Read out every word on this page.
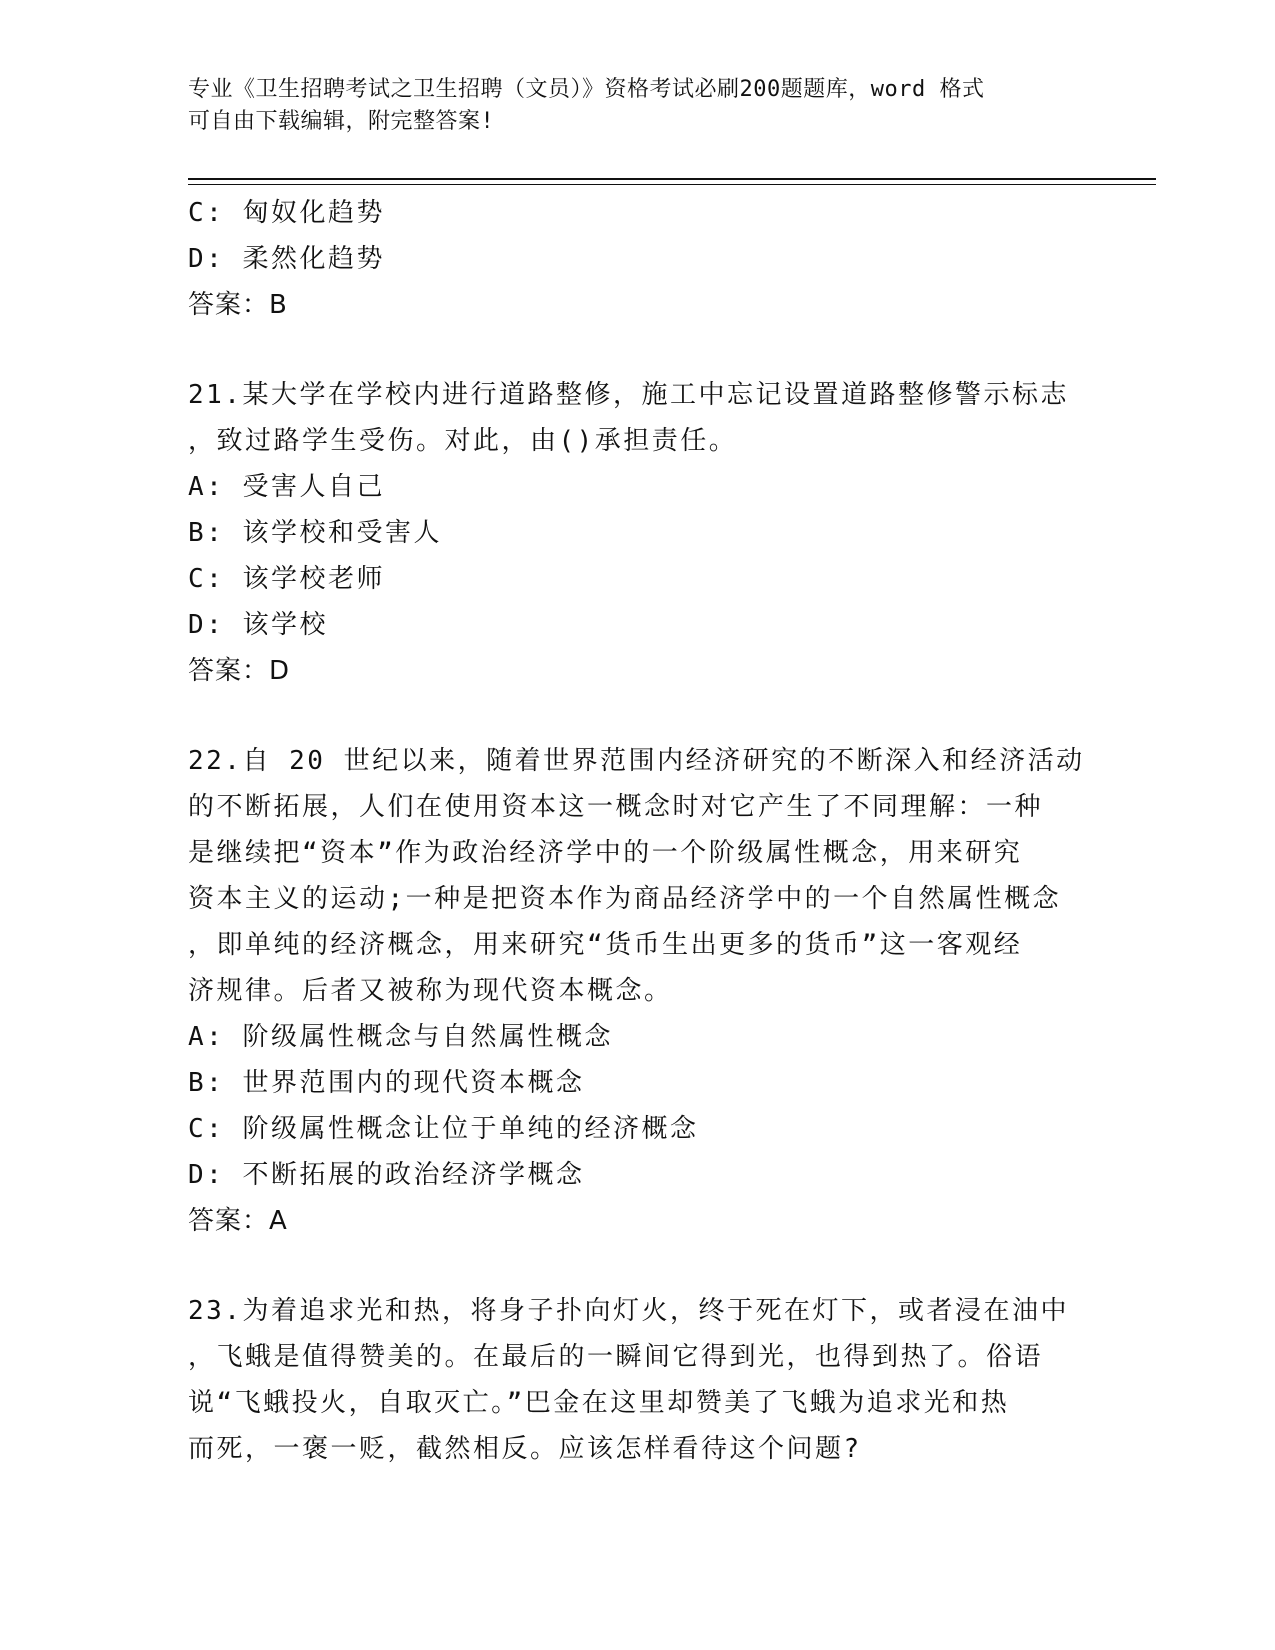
专业《卫生招聘考试之卫生招聘（文员）》资格考试必刷200题题库，word 格式
可自由下载编辑，附完整答案!
C: 匈奴化趋势
D: 柔然化趋势
答案：B
21.某大学在学校内进行道路整修，施工中忘记设置道路整修警示标志
，致过路学生受伤。对此，由()承担责任。
A: 受害人自己
B: 该学校和受害人
C: 该学校老师
D: 该学校
答案：D
22.自 20 世纪以来，随着世界范围内经济研究的不断深入和经济活动
的不断拓展，人们在使用资本这一概念时对它产生了不同理解：一种
是继续把“资本”作为政治经济学中的一个阶级属性概念，用来研究
资本主义的运动;一种是把资本作为商品经济学中的一个自然属性概念
，即单纯的经济概念，用来研究“货币生出更多的货币”这一客观经
济规律。后者又被称为现代资本概念。
A: 阶级属性概念与自然属性概念
B: 世界范围内的现代资本概念
C: 阶级属性概念让位于单纯的经济概念
D: 不断拓展的政治经济学概念
答案：A
23.为着追求光和热，将身子扑向灯火，终于死在灯下，或者浸在油中
，飞蛾是值得赞美的。在最后的一瞬间它得到光，也得到热了。俗语
说“飞蛾投火，自取灭亡。”巴金在这里却赞美了飞蛾为追求光和热
而死，一褒一贬，截然相反。应该怎样看待这个问题?
